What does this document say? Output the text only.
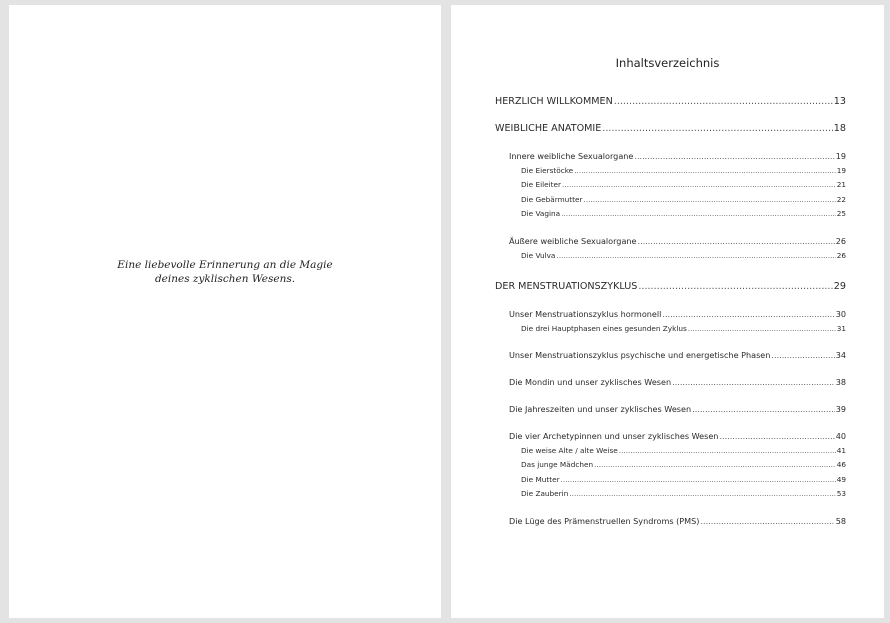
Eine liebevolle Erinnerung an die Magie
deines zyklischen Wesens.
Inhaltsverzeichnis
HERZLICH WILLKOMMEN .....	13
WEIBLICHE ANATOMIE .....	18
Innere weibliche Sexualorgane .....	19
Die Eierstöcke .....	19
Die Eileiter .....	21
Die Gebärmutter .....	22
Die Vagina .....	25
Äußere weibliche Sexualorgane .....	26
Die Vulva .....	26
DER MENSTRUATIONSZYKLUS .....	29
Unser Menstruationszyklus hormonell .....	30
Die drei Hauptphasen eines gesunden Zyklus .....	31
Unser Menstruationszyklus psychische und energetische Phasen .....	34
Die Mondin und unser zyklisches Wesen .....	38
Die Jahreszeiten und unser zyklisches Wesen .....	39
Die vier Archetypinnen und unser zyklisches Wesen .....	40
Die weise Alte / alte Weise .....	41
Das junge Mädchen .....	46
Die Mutter .....	49
Die Zauberin .....	53
Die Lüge des Prämenstruellen Syndroms (PMS) .....	58
